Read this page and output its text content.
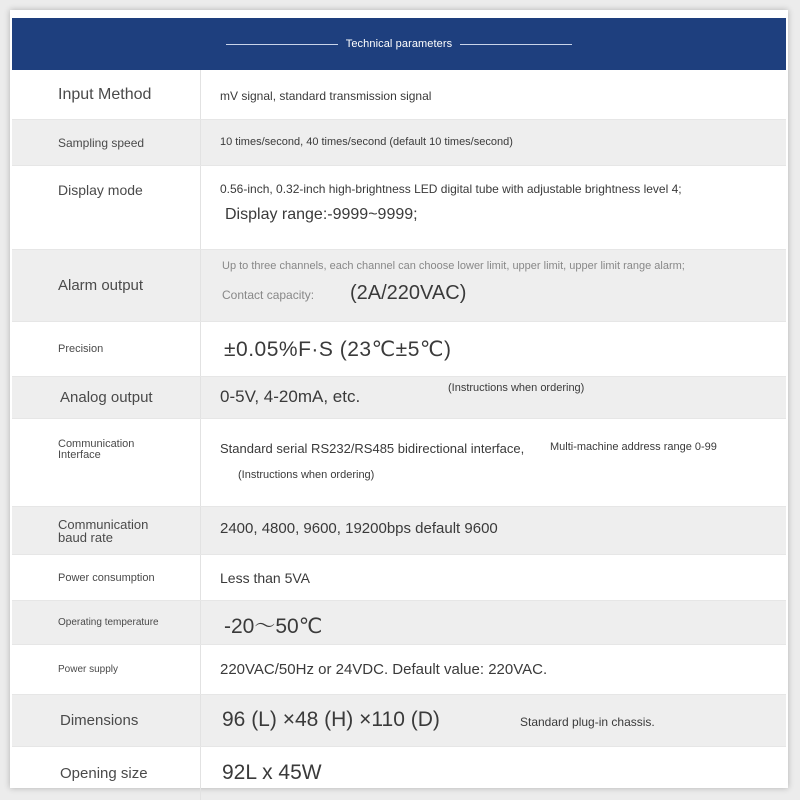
Technical parameters
Input Method	mV signal, standard transmission signal
Sampling speed	10 times/second, 40 times/second (default 10 times/second)
Display mode	0.56-inch, 0.32-inch high-brightness LED digital tube with adjustable brightness level 4;
Display range:-9999~9999;
Alarm output
Up to three channels, each channel can choose lower limit, upper limit, upper limit range alarm;
Contact capacity: (2A/220VAC)
Precision	±0.05%F·S (23℃±5℃)
Analog output	0-5V, 4-20mA, etc.	(Instructions when ordering)
Communication Interface	Standard serial RS232/RS485 bidirectional interface, Multi-machine address range 0-99
(Instructions when ordering)
Communication baud rate	2400, 4800, 9600, 19200bps default 9600
Power consumption	Less than 5VA
Operating temperature	-20～50℃
Power supply	220VAC/50Hz or 24VDC. Default value: 220VAC.
Dimensions	96 (L) ×48 (H) ×110 (D)	Standard plug-in chassis.
Opening size	92L x 45W
